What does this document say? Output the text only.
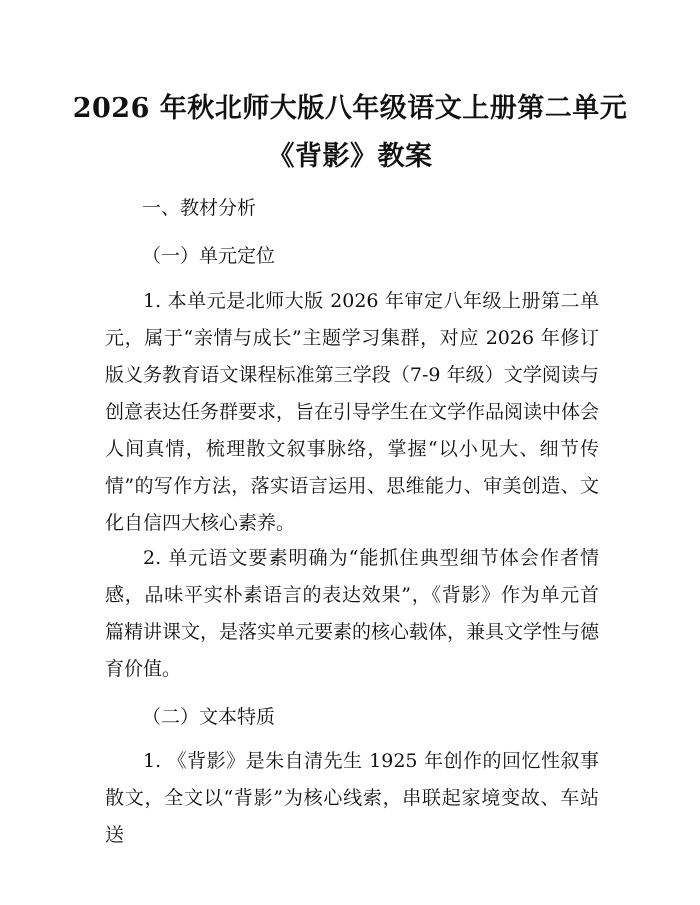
2026 年秋北师大版八年级语文上册第二单元
《背影》教案
一、教材分析
（一）单元定位
1. 本单元是北师大版 2026 年审定八年级上册第二单元，属于“亲情与成长”主题学习集群，对应 2026 年修订版义务教育语文课程标准第三学段（7-9 年级）文学阅读与创意表达任务群要求，旨在引导学生在文学作品阅读中体会人间真情，梳理散文叙事脉络，掌握“以小见大、细节传情”的写作方法，落实语言运用、思维能力、审美创造、文化自信四大核心素养。
2. 单元语文要素明确为“能抓住典型细节体会作者情感，品味平实朴素语言的表达效果”，《背影》作为单元首篇精讲课文，是落实单元要素的核心载体，兼具文学性与德育价值。
（二）文本特质
1. 《背影》是朱自清先生 1925 年创作的回忆性叙事散文，全文以“背影”为核心线索，串联起家境变故、车站送
